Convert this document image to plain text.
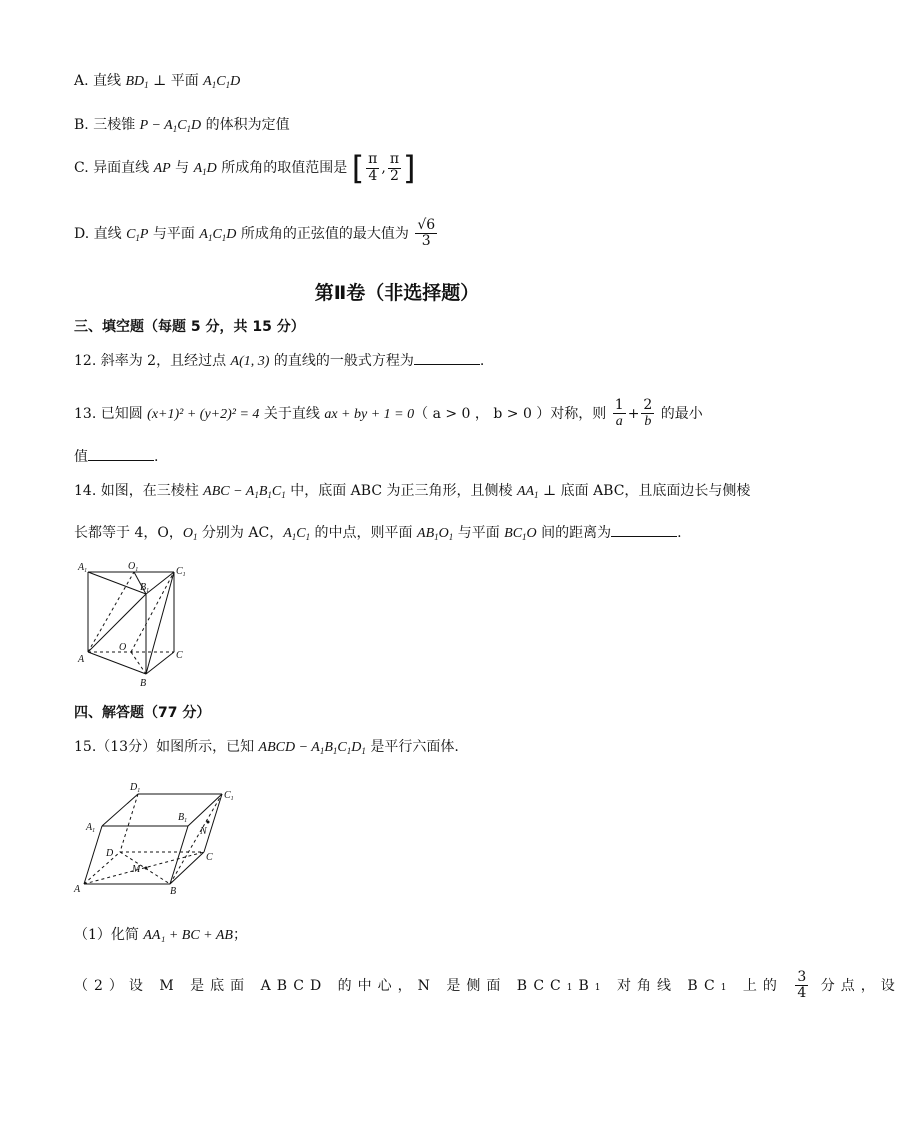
A. 直线 $BD_1$ ⊥ 平面 $A_1C_1D$
B. 三棱锥 $P - A_1C_1D$ 的体积为定值
C. 异面直线 AP 与 $A_1D$ 所成角的取值范围是 [ $\frac{\pi}{4}$ , $\frac{\pi}{2}$ ]
D. 直线 $C_1P$ 与平面 $A_1C_1D$ 所成角的正弦值的最大值为 $\frac{√6}{3}$
第Ⅱ卷（非选择题）
三、填空题（每题 5 分，共 15 分）
12. 斜率为 2，且经过点 A(1, 3) 的直线的一般式方程为	.
13. 已知圆 (x+1)² + (y+2)² = 4 关于直线 ax + by + 1 = 0（ a > 0 ， b > 0 ）对称，则 $\frac{1}{a} + \frac{2}{b}$ 的最小
值	.
14. 如图，在三棱柱 ABC − $A_1B_1C_1$ 中，底面 ABC 为正三角形，且侧棱 $AA_1$ ⊥ 底面 ABC，且底面边长与侧棱
长都等于 4，O，$O_1$ 分别为 AC，$A_1C_1$ 的中点，则平面 $AB_1O_1$ 与平面 $BC_1O$ 间的距离为	.
$A_1$	$O_1$
$B_1$
$C_1$
A
O
C
B
四、解答题（77 分）
15.（13分）如图所示，已知 ABCD − $A_1B_1C_1D_1$ 是平行六面体.
$D_1$	$C_1$
$A_1$
$B_1$
N
D	C
M
A	B
（1）化简 AA₁ + BC + AB；
（2）设 M 是底面 ABCD 的中心，N 是侧面 BCC1B1 对角线 BC1 上的 $\frac{3}{4}$ 分点，设
